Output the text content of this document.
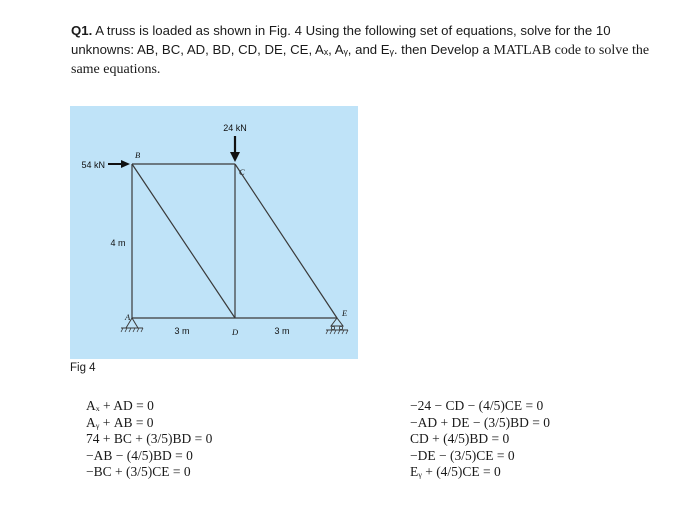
Q1. A truss is loaded as shown in Fig. 4 Using the following set of equations, solve for the 10 unknowns: AB, BC, AD, BD, CD, DE, CE, Aₓ, Aᵧ, and Eᵧ. then Develop a MATLAB code to solve the same equations.
24 kN
54 kN
4 m
3 m	3 m
A
B
C
D
E
Fig 4
Aₓ + AD = 0
Aᵧ + AB = 0
74 + BC + (3/5)BD = 0
−AB − (4/5)BD = 0
−BC + (3/5)CE = 0
−24 − CD − (4/5)CE = 0
−AD + DE − (3/5)BD = 0
CD + (4/5)BD = 0
−DE − (3/5)CE = 0
Eᵧ + (4/5)CE = 0
